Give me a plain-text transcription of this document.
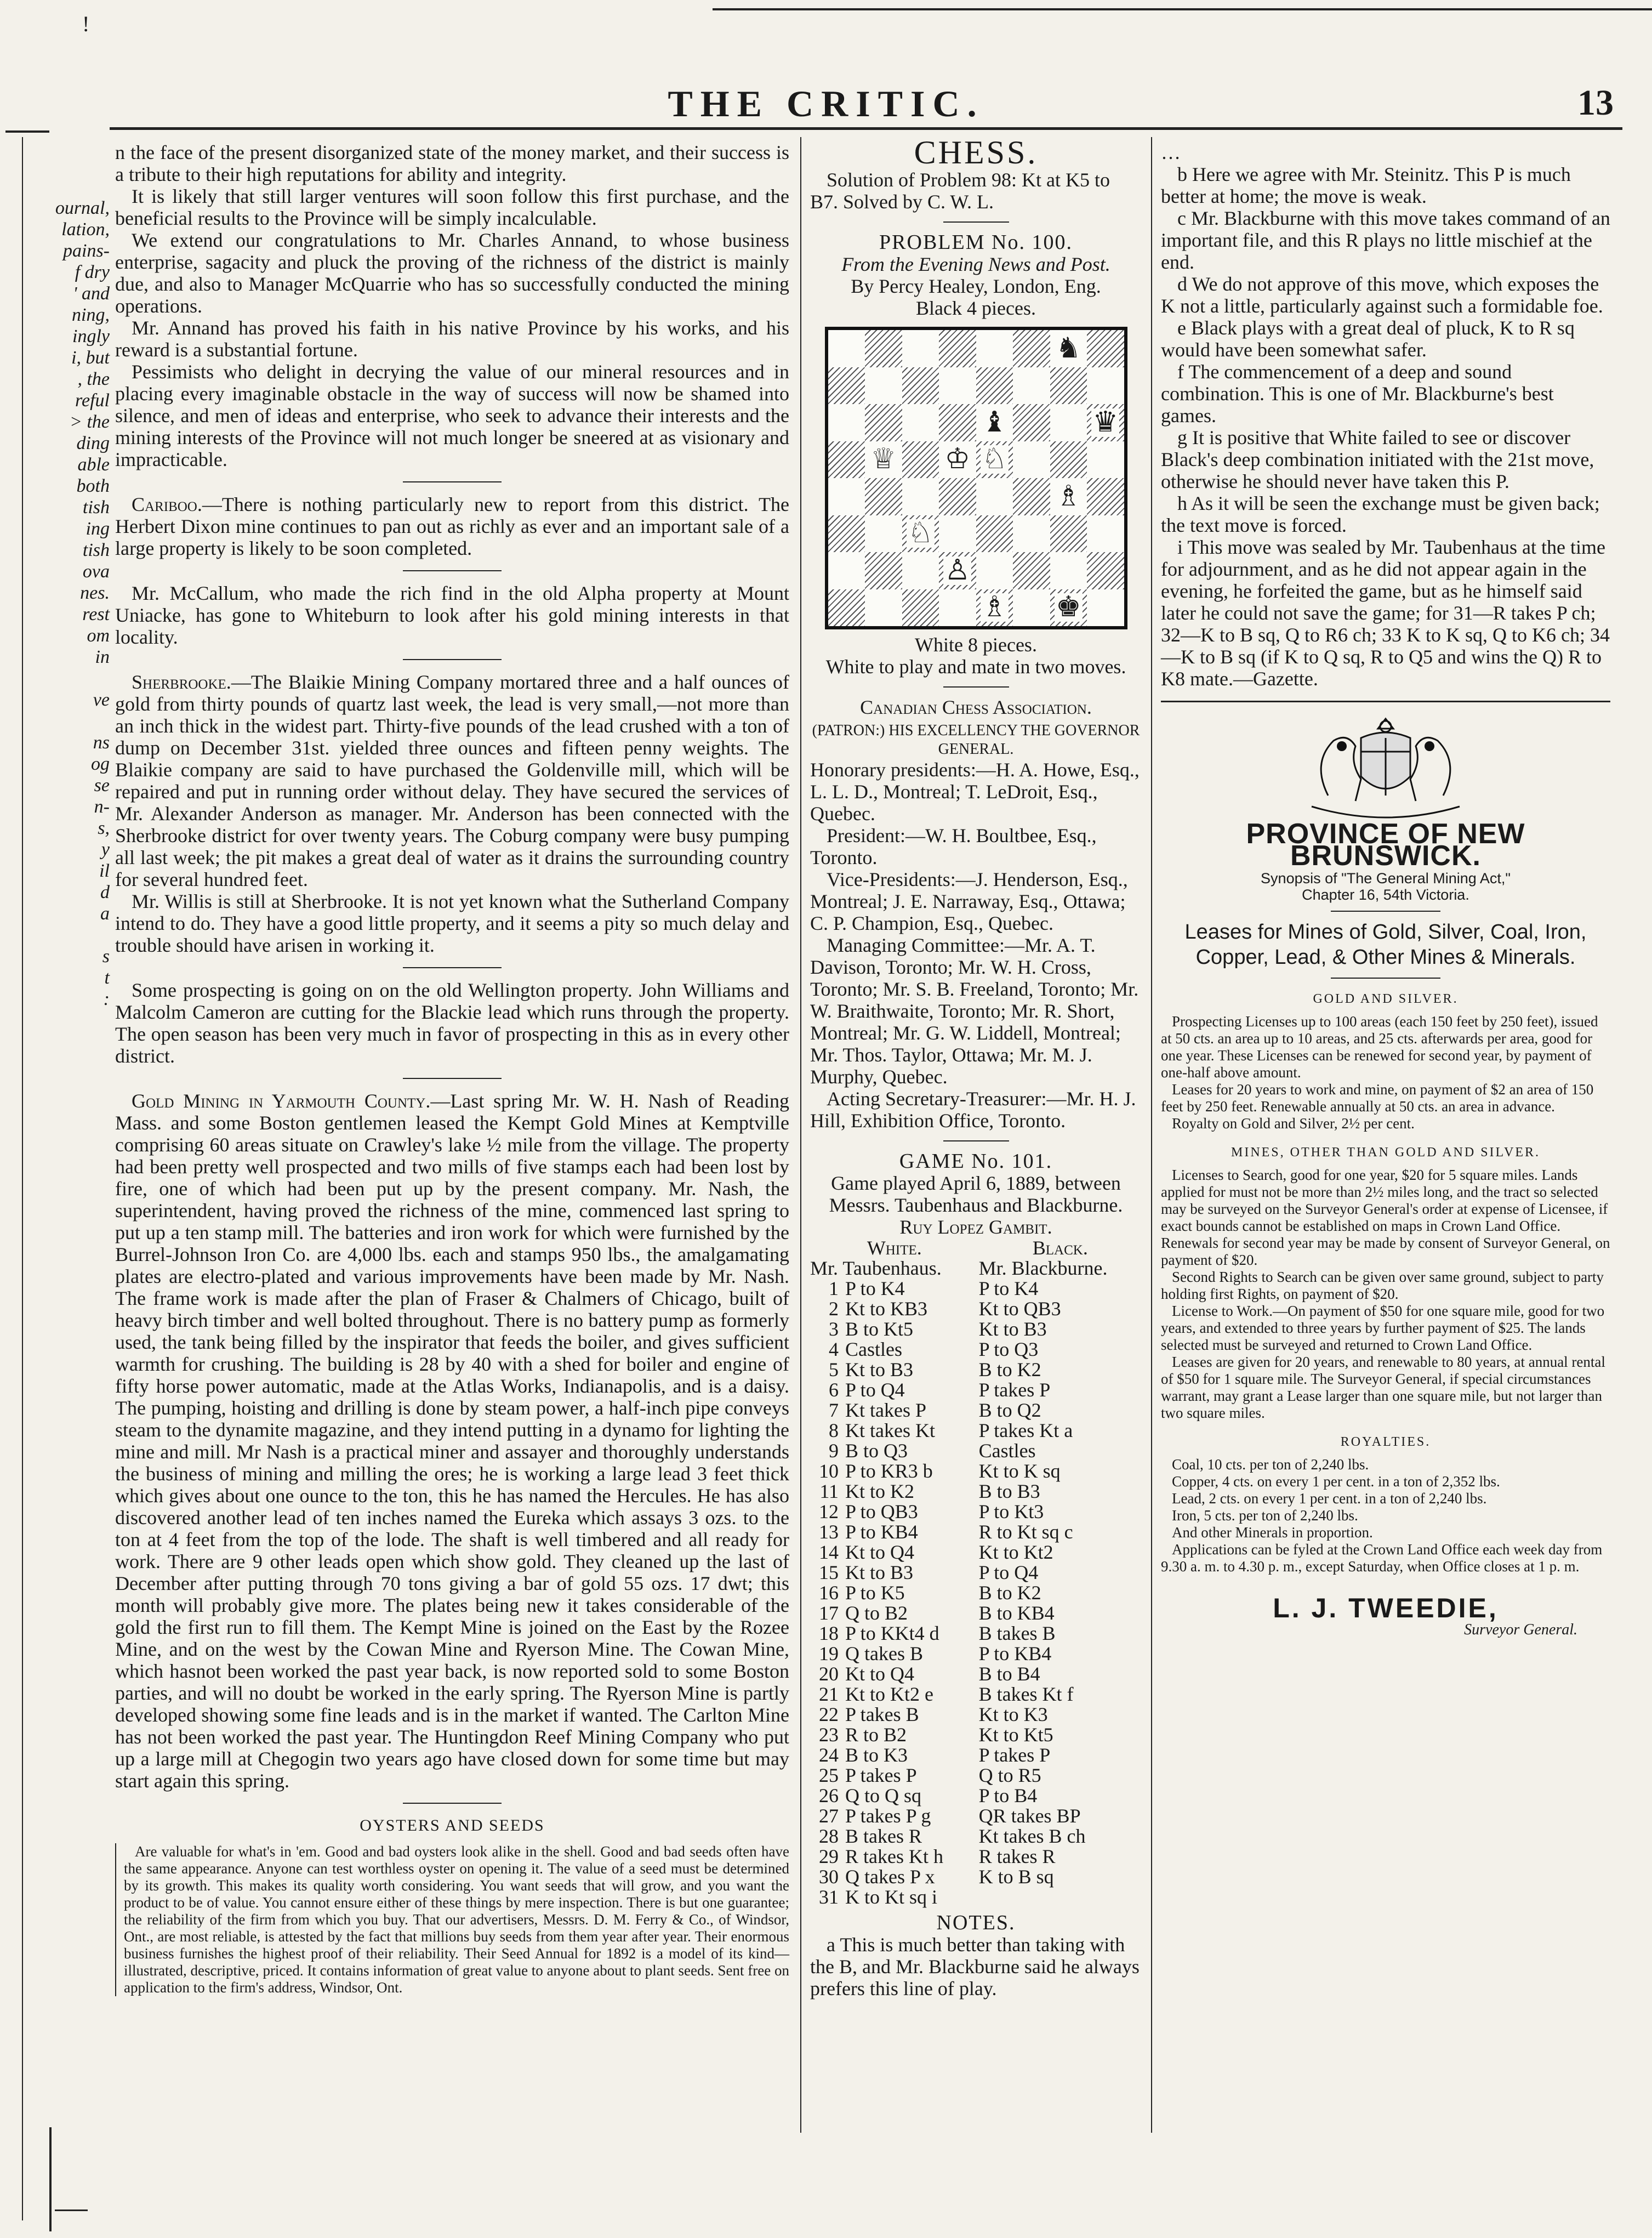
!
THE CRITIC.	13
ournal,
lation,
pains-
f dry
' and
ning,
ingly
i, but
, the
reful
> the
ding
able
both
tish
ing
tish
ova
nes.
rest
om
in

ve

ns
og
se
n-
s,
y
il
d
a

s
t
:

n the face of the present disorganized state of the money market, and their success is a tribute to their high reputations for ability and integrity.

It is likely that still larger ventures will soon follow this first purchase, and the beneficial results to the Province will be simply incalculable.

We extend our congratulations to Mr. Charles Annand, to whose business enterprise, sagacity and pluck the proving of the richness of the district is mainly due, and also to Manager McQuarrie who has so successfully conducted the mining operations.

Mr. Annand has proved his faith in his native Province by his works, and his reward is a substantial fortune.

Pessimists who delight in decrying the value of our mineral resources and in placing every imaginable obstacle in the way of success will now be shamed into silence, and men of ideas and enterprise, who seek to advance their interests and the mining interests of the Province will not much longer be sneered at as visionary and impracticable.

Cariboo.—There is nothing particularly new to report from this district. The Herbert Dixon mine continues to pan out as richly as ever and an important sale of a large property is likely to be soon completed.

Mr. McCallum, who made the rich find in the old Alpha property at Mount Uniacke, has gone to Whiteburn to look after his gold mining interests in that locality.

Sherbrooke.—The Blaikie Mining Company mortared three and a half ounces of gold from thirty pounds of quartz last week, the lead is very small,—not more than an inch thick in the widest part. Thirty-five pounds of the lead crushed with a ton of dump on December 31st. yielded three ounces and fifteen penny weights. The Blaikie company are said to have purchased the Goldenville mill, which will be repaired and put in running order without delay. They have secured the services of Mr. Alexander Anderson as manager. Mr. Anderson has been connected with the Sherbrooke district for over twenty years. The Coburg company were busy pumping all last week; the pit makes a great deal of water as it drains the surrounding country for several hundred feet.

Mr. Willis is still at Sherbrooke. It is not yet known what the Sutherland Company intend to do. They have a good little property, and it seems a pity so much delay and trouble should have arisen in working it.

Some prospecting is going on on the old Wellington property. John Williams and Malcolm Cameron are cutting for the Blackie lead which runs through the property. The open season has been very much in favor of prospecting in this as in every other district.

Gold Mining in Yarmouth County.—Last spring Mr. W. H. Nash of Reading Mass. and some Boston gentlemen leased the Kempt Gold Mines at Kemptville comprising 60 areas situate on Crawley's lake ½ mile from the village. The property had been pretty well prospected and two mills of five stamps each had been lost by fire, one of which had been put up by the present company. Mr. Nash, the superintendent, having proved the richness of the mine, commenced last spring to put up a ten stamp mill. The batteries and iron work for which were furnished by the Burrel-Johnson Iron Co. are 4,000 lbs. each and stamps 950 lbs., the amalgamating plates are electro-plated and various improvements have been made by Mr. Nash. The frame work is made after the plan of Fraser & Chalmers of Chicago, built of heavy birch timber and well bolted throughout. There is no battery pump as formerly used, the tank being filled by the inspirator that feeds the boiler, and gives sufficient warmth for crushing. The building is 28 by 40 with a shed for boiler and engine of fifty horse power automatic, made at the Atlas Works, Indianapolis, and is a daisy. The pumping, hoisting and drilling is done by steam power, a half-inch pipe conveys steam to the dynamite magazine, and they intend putting in a dynamo for lighting the mine and mill. Mr Nash is a practical miner and assayer and thoroughly understands the business of mining and milling the ores; he is working a large lead 3 feet thick which gives about one ounce to the ton, this he has named the Hercules. He has also discovered another lead of ten inches named the Eureka which assays 3 ozs. to the ton at 4 feet from the top of the lode. The shaft is well timbered and all ready for work. There are 9 other leads open which show gold. They cleaned up the last of December after putting through 70 tons giving a bar of gold 55 ozs. 17 dwt; this month will probably give more. The plates being new it takes considerable of the gold the first run to fill them. The Kempt Mine is joined on the East by the Rozee Mine, and on the west by the Cowan Mine and Ryerson Mine. The Cowan Mine, which hasnot been worked the past year back, is now reported sold to some Boston parties, and will no doubt be worked in the early spring. The Ryerson Mine is partly developed showing some fine leads and is in the market if wanted. The Carlton Mine has not been worked the past year. The Huntingdon Reef Mining Company who put up a large mill at Chegogin two years ago have closed down for some time but may start again this spring.

OYSTERS AND SEEDS

Are valuable for what's in 'em. Good and bad oysters look alike in the shell. Good and bad seeds often have the same appearance. Anyone can test worthless oyster on opening it. The value of a seed must be determined by its growth. This makes its quality worth considering. You want seeds that will grow, and you want the product to be of value. You cannot ensure either of these things by mere inspection. There is but one guarantee; the reliability of the firm from which you buy. That our advertisers, Messrs. D. M. Ferry & Co., of Windsor, Ont., are most reliable, is attested by the fact that millions buy seeds from them year after year. Their enormous business furnishes the highest proof of their reliability. Their Seed Annual for 1892 is a model of its kind—illustrated, descriptive, priced. It contains information of great value to anyone about to plant seeds. Sent free on application to the firm's address, Windsor, Ont.

CHESS.

Solution of Problem 98: Kt at K5 to B7. Solved by C. W. L.

PROBLEM No. 100.
From the Evening News and Post.
By Percy Healey, London, Eng.
Black 4 pieces.
♞
♝	♛
♕ ♔ ♘
♗
♘
♙
♗ ♚
White 8 pieces.
White to play and mate in two moves.
Canadian Chess Association.
(PATRON:) HIS EXCELLENCY THE GOVERNOR GENERAL.

Honorary presidents:—H. A. Howe, Esq., L. L. D., Montreal; T. LeDroit, Esq., Quebec.

President:—W. H. Boultbee, Esq., Toronto.

Vice-Presidents:—J. Henderson, Esq., Montreal; J. E. Narraway, Esq., Ottawa; C. P. Champion, Esq., Quebec.

Managing Committee:—Mr. A. T. Davison, Toronto; Mr. W. H. Cross, Toronto; Mr. S. B. Freeland, Toronto; Mr. W. Braithwaite, Toronto; Mr. R. Short, Montreal; Mr. G. W. Liddell, Montreal; Mr. Thos. Taylor, Ottawa; Mr. M. J. Murphy, Quebec.

Acting Secretary-Treasurer:—Mr. H. J. Hill, Exhibition Office, Toronto.

GAME No. 101.
Game played April 6, 1889, between Messrs. Taubenhaus and Blackburne.
Ruy Lopez Gambit.
White.	Black.
Mr. Taubenhaus.	Mr. Blackburne.
1 P to K4	P to K4
2 Kt to KB3	Kt to QB3
3 B to Kt5	Kt to B3
4 Castles	P to Q3
5 Kt to B3	B to K2
6 P to Q4	P takes P
7 Kt takes P	B to Q2
8 Kt takes Kt	P takes Kt a
9 B to Q3	Castles
10 P to KR3 b	Kt to K sq
11 Kt to K2	B to B3
12 P to QB3	P to Kt3
13 P to KB4	R to Kt sq c
14 Kt to Q4	Kt to Kt2
15 Kt to B3	P to Q4
16 P to K5	B to K2
17 Q to B2	B to KB4
18 P to KKt4 d	B takes B
19 Q takes B	P to KB4
20 Kt to Q4	B to B4
21 Kt to Kt2 e	B takes Kt f
22 P takes B	Kt to K3
23 R to B2	Kt to Kt5
24 B to K3	P takes P
25 P takes P	Q to R5
26 Q to Q sq	P to B4
27 P takes P g	QR takes BP
28 B takes R	Kt takes B ch
29 R takes Kt h	R takes R
30 Q takes P x	K to B sq
31 K to Kt sq i	
NOTES.

a This is much better than taking with the B, and Mr. Blackburne said he always prefers this line of play.

…

b Here we agree with Mr. Steinitz. This P is much better at home; the move is weak.

c Mr. Blackburne with this move takes command of an important file, and this R plays no little mischief at the end.

d We do not approve of this move, which exposes the K not a little, particularly against such a formidable foe.

e Black plays with a great deal of pluck, K to R sq would have been somewhat safer.

f The commencement of a deep and sound combination. This is one of Mr. Blackburne's best games.

g It is positive that White failed to see or discover Black's deep combination initiated with the 21st move, otherwise he should never have taken this P.

h As it will be seen the exchange must be given back; the text move is forced.

i This move was sealed by Mr. Taubenhaus at the time for adjournment, and as he did not appear again in the evening, he forfeited the game, but as he himself said later he could not save the game; for 31—R takes P ch; 32—K to B sq, Q to R6 ch; 33 K to K sq, Q to K6 ch; 34—K to B sq (if K to Q sq, R to Q5 and wins the Q) R to K8 mate.—Gazette.

PROVINCE OF NEW BRUNSWICK.
Synopsis of "The General Mining Act,"
Chapter 16, 54th Victoria.
Leases for Mines of Gold, Silver, Coal, Iron,
Copper, Lead, & Other Mines & Minerals.
GOLD AND SILVER.

Prospecting Licenses up to 100 areas (each 150 feet by 250 feet), issued at 50 cts. an area up to 10 areas, and 25 cts. afterwards per area, good for one year. These Licenses can be renewed for second year, by payment of one-half above amount.

Leases for 20 years to work and mine, on payment of $2 an area of 150 feet by 250 feet. Renewable annually at 50 cts. an area in advance.

Royalty on Gold and Silver, 2½ per cent.

MINES, OTHER THAN GOLD AND SILVER.

Licenses to Search, good for one year, $20 for 5 square miles. Lands applied for must not be more than 2½ miles long, and the tract so selected may be surveyed on the Surveyor General's order at expense of Licensee, if exact bounds cannot be established on maps in Crown Land Office. Renewals for second year may be made by consent of Surveyor General, on payment of $20.

Second Rights to Search can be given over same ground, subject to party holding first Rights, on payment of $20.

License to Work.—On payment of $50 for one square mile, good for two years, and extended to three years by further payment of $25. The lands selected must be surveyed and returned to Crown Land Office.

Leases are given for 20 years, and renewable to 80 years, at annual rental of $50 for 1 square mile. The Surveyor General, if special circumstances warrant, may grant a Lease larger than one square mile, but not larger than two square miles.

ROYALTIES.

Coal, 10 cts. per ton of 2,240 lbs.

Copper, 4 cts. on every 1 per cent. in a ton of 2,352 lbs.

Lead, 2 cts. on every 1 per cent. in a ton of 2,240 lbs.

Iron, 5 cts. per ton of 2,240 lbs.

And other Minerals in proportion.

Applications can be fyled at the Crown Land Office each week day from 9.30 a. m. to 4.30 p. m., except Saturday, when Office closes at 1 p. m.

L. J. TWEEDIE,
Surveyor General.
